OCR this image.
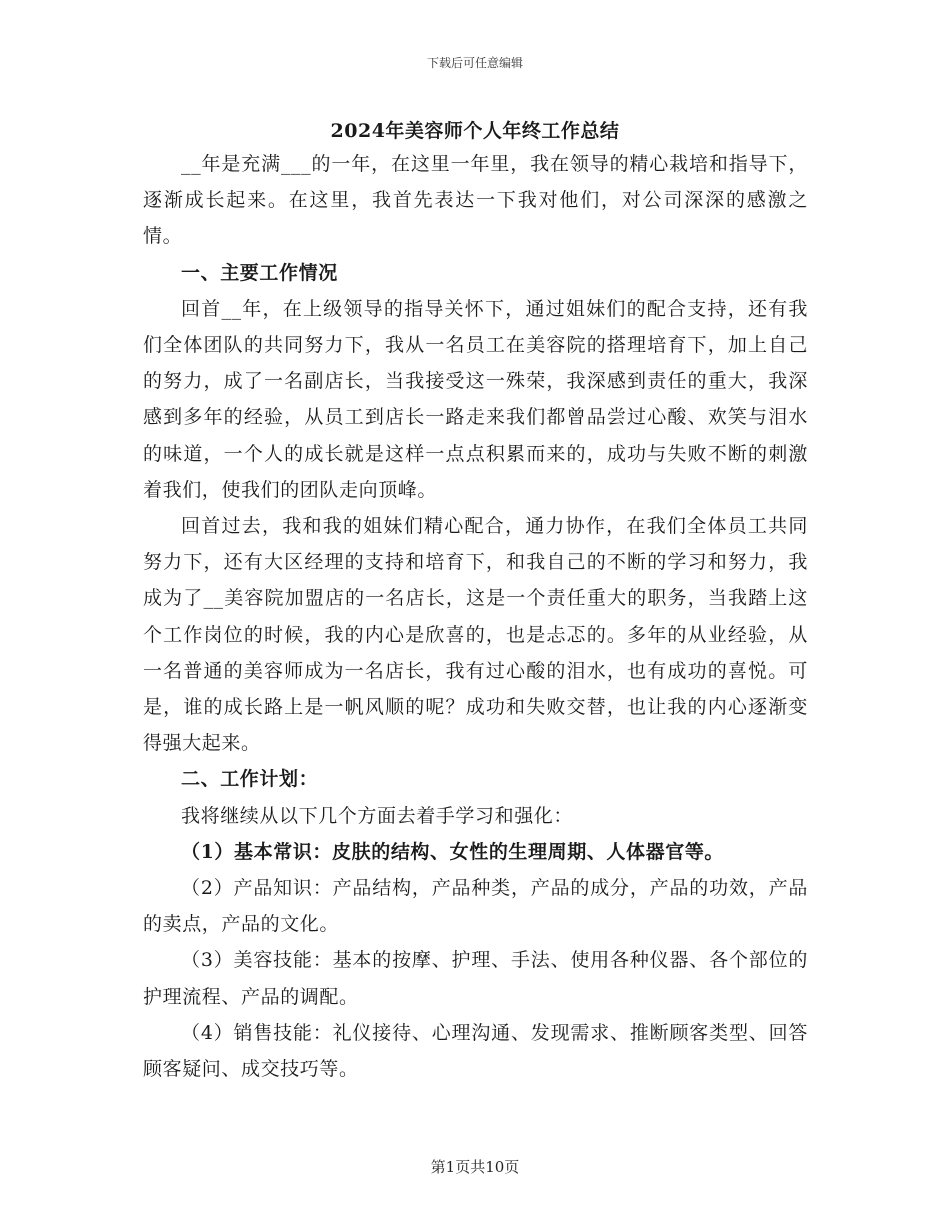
下载后可任意编辑
2024年美容师个人年终工作总结

__年是充满___的一年，在这里一年里，我在领导的精心栽培和指导下，逐渐成长起来。在这里，我首先表达一下我对他们，对公司深深的感激之情。

一、主要工作情况

回首__年，在上级领导的指导关怀下，通过姐妹们的配合支持，还有我们全体团队的共同努力下，我从一名员工在美容院的搭理培育下，加上自己的努力，成了一名副店长，当我接受这一殊荣，我深感到责任的重大，我深感到多年的经验，从员工到店长一路走来我们都曾品尝过心酸、欢笑与泪水的味道，一个人的成长就是这样一点点积累而来的，成功与失败不断的刺激着我们，使我们的团队走向顶峰。

回首过去，我和我的姐妹们精心配合，通力协作，在我们全体员工共同努力下，还有大区经理的支持和培育下，和我自己的不断的学习和努力，我成为了__美容院加盟店的一名店长，这是一个责任重大的职务，当我踏上这个工作岗位的时候，我的内心是欣喜的，也是忐忑的。多年的从业经验，从一名普通的美容师成为一名店长，我有过心酸的泪水，也有成功的喜悦。可是，谁的成长路上是一帆风顺的呢？成功和失败交替，也让我的内心逐渐变得强大起来。

二、工作计划：

我将继续从以下几个方面去着手学习和强化：

（1）基本常识：皮肤的结构、女性的生理周期、人体器官等。

（2）产品知识：产品结构，产品种类，产品的成分，产品的功效，产品的卖点，产品的文化。

（3）美容技能：基本的按摩、护理、手法、使用各种仪器、各个部位的护理流程、产品的调配。

（4）销售技能：礼仪接待、心理沟通、发现需求、推断顾客类型、回答顾客疑问、成交技巧等。

第1页共10页
